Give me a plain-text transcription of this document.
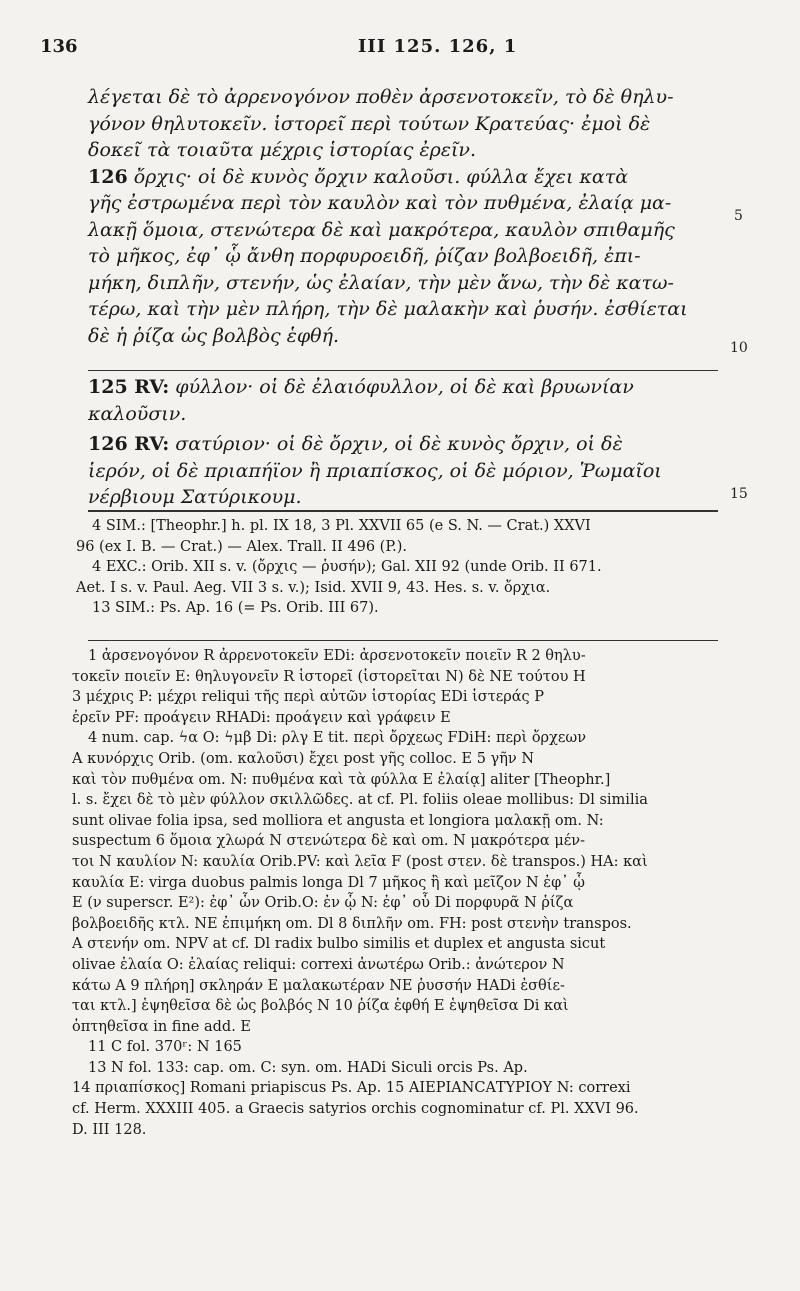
136	III 125. 126, 1

λέγεται δὲ τὸ ἀρρενογόνον ποθὲν ἀρσενοτοκεῖν, τὸ δὲ θηλυ-

γόνον θηλυτοκεῖν. ἱστορεῖ περὶ τούτων Κρατεύας· ἐμοὶ δὲ

δοκεῖ τὰ τοιαῦτα μέχρις ἱστορίας ἐρεῖν.

126 ὄρχις· οἱ δὲ κυνὸς ὄρχιν καλοῦσι. φύλλα ἔχει κατὰ

γῆς ἐστρωμένα περὶ τὸν καυλὸν καὶ τὸν πυθμένα, ἐλαίᾳ μα-

λακῇ ὅμοια, στενώτερα δὲ καὶ μακρότερα, καυλὸν σπιθαμῆς

τὸ μῆκος, ἐφ᾽ ᾧ ἄνθη πορφυροειδῆ, ῥίζαν βολβοειδῆ, ἐπι-

μήκη, διπλῆν, στενήν, ὡς ἐλαίαν, τὴν μὲν ἄνω, τὴν δὲ κατω-

τέρω, καὶ τὴν μὲν πλήρη, τὴν δὲ μαλακὴν καὶ ῥυσήν. ἐσθίεται

δὲ ἡ ῥίζα ὡς βολβὸς ἑφθή.

5
10

125 RV: φύλλον· οἱ δὲ ἐλαιόφυλλον, οἱ δὲ καὶ βρυωνίαν

καλοῦσιν.

126 RV: σατύριον· οἱ δὲ ὄρχιν, οἱ δὲ κυνὸς ὄρχιν, οἱ δὲ

ἱερόν, οἱ δὲ πριαπήϊον ἢ πριαπίσκος, οἱ δὲ μόριον, Ῥωμαῖοι

νέρβιουμ Σατύρικουμ.	15

4 SIM.: [Theophr.] h. pl. IX 18, 3 Pl. XXVII 65 (e S. N. — Crat.) XXVI

96 (ex I. B. — Crat.) — Alex. Trall. II 496 (P.).

4 EXC.: Orib. XII s. v. (ὄρχις — ῥυσήν); Gal. XII 92 (unde Orib. II 671.

Aet. I s. v. Paul. Aeg. VII 3 s. v.); Isid. XVII 9, 43. Hes. s. v. ὄρχια.

13 SIM.: Ps. Ap. 16 (= Ps. Orib. III 67).

1 ἀρσενογόνον R ἀρρενοτοκεῖν EDi: ἀρσενοτοκεῖν ποιεῖν R 2 θηλυ-

τοκεῖν ποιεῖν E: θηλυγονεῖν R ἱστορεῖ (ἱστορεῖται N) δὲ NE τούτου H

3 μέχρις P: μέχρι reliqui τῆς περὶ αὐτῶν ἱστορίας EDi ἱστεράς P

ἐρεῖν PF: προάγειν RHADi: προάγειν καὶ γράφειν E

4 num. cap. ϟα O: ϟμβ Di: ρλγ E tit. περὶ ὄρχεως FDiH: περὶ ὄρχεων

A κυνόρχις Orib. (om. καλοῦσι) ἔχει post γῆς colloc. E 5 γῆν N

καὶ τὸν πυθμένα om. N: πυθμένα καὶ τὰ φύλλα E ἐλαίᾳ] aliter [Theophr.]

l. s. ἔχει δὲ τὸ μὲν φύλλον σκιλλῶδες. at cf. Pl. foliis oleae mollibus: Dl similia

sunt olivae folia ipsa, sed molliora et angusta et longiora μαλακῇ om. N:

suspectum 6 ὅμοια χλωρά N στενώτερα δὲ καὶ om. N μακρότερα μέν-

τοι N καυλίον N: καυλία Orib.PV: καὶ λεῖα F (post στεν. δὲ transpos.) HA: καὶ

καυλία E: virga duobus palmis longa Dl 7 μῆκος ἢ καὶ μεῖζον N ἐφ᾽ ᾧ

E (ν superscr. E²): ἐφ᾽ ὧν Orib.O: ἐν ᾧ N: ἐφ᾽ οὗ Di πορφυρᾶ N ῥίζα

βολβοειδῆς κτλ. NE ἐπιμήκη om. Dl 8 διπλῆν om. FH: post στενὴν transpos.

A στενήν om. NPV at cf. Dl radix bulbo similis et duplex et angusta sicut

olivae ἐλαία O: ἐλαίας reliqui: correxi ἀνωτέρω Orib.: ἀνώτερον N

κάτω A 9 πλήρη] σκληράν E μαλακωτέραν NE ῥυσσήν HADi ἐσθίε-

ται κτλ.] ἑψηθεῖσα δὲ ὡς βολβός N 10 ῥίζα ἑφθή E ἑψηθεῖσα Di καὶ

ὀπτηθεῖσα in fine add. E

11 C fol. 370ʳ: N 165

13 N fol. 133: cap. om. C: syn. om. HADi Siculi orcis Ps. Ap.

14 πριαπίσκος] Romani priapiscus Ps. Ap. 15 ΑΙΕΡΙΑΝCΑΤΥΡΙΟΥ N: correxi

cf. Herm. XXXIII 405. a Graecis satyrios orchis cognominatur cf. Pl. XXVI 96.

D. III 128.
